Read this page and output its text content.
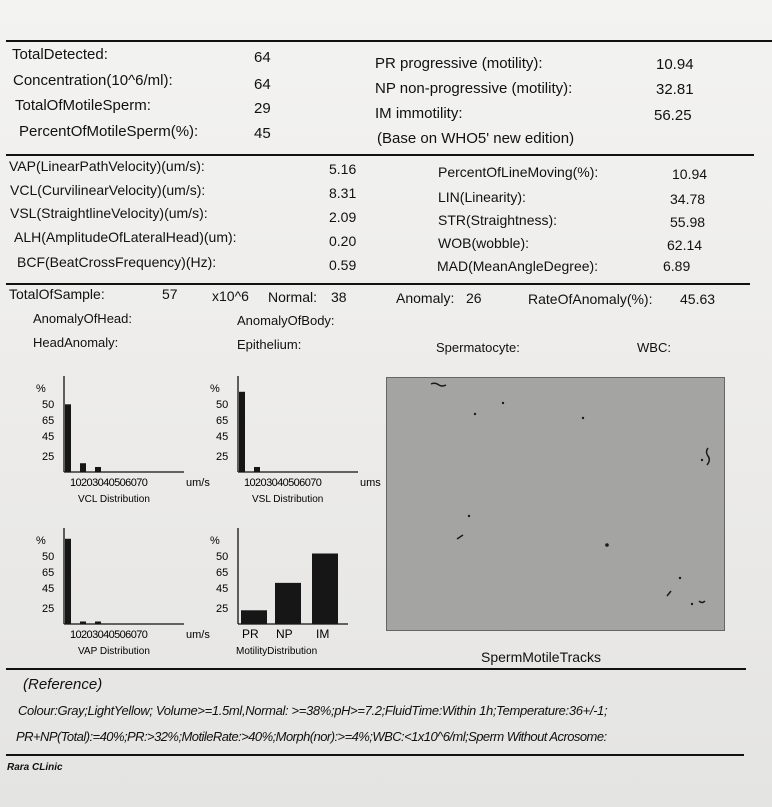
TotalDetected:	64
Concentration(10^6/ml):	64
TotalOfMotileSperm:	29
PercentOfMotileSperm(%):	45
PR progressive (motility):	10.94
NP non-progressive (motility):	32.81
IM immotility:	56.25
(Base on WHO5' new edition)
VAP(LinearPathVelocity)(um/s):	5.16
VCL(CurvilinearVelocity)(um/s):	8.31
VSL(StraightlineVelocity)(um/s):	2.09
ALH(AmplitudeOfLateralHead)(um):	0.20
BCF(BeatCrossFrequency)(Hz):	0.59
PercentOfLineMoving(%):	10.94
LIN(Linearity):	34.78
STR(Straightness):	55.98
WOB(wobble):	62.14
MAD(MeanAngleDegree):	6.89
TotalOfSample:	57 x10^6 Normal: 38	Anomaly: 26	RateOfAnomaly(%): 45.63
AnomalyOfHead:	AnomalyOfBody:
HeadAnomaly:	Epithelium:	Spermatocyte:	WBC:
%
50
65
45
25
10203040506070	um/s
VCL Distribution
%
50
65
45
25
10203040506070	ums
VSL Distribution
%
50
65
45
25
10203040506070	um/s
VAP Distribution
%
50
65
45
25
PR NP IM
MotilityDistribution	SpermMotileTracks
(Reference)
Colour:Gray;LightYellow; Volume>=1.5ml,Normal: >=38%;pH>=7.2;FluidTime:Within 1h;Temperature:36+/-1;
PR+NP(Total):=40%;PR:>32%;MotileRate:>40%;Morph(nor):>=4%;WBC:<1x10^6/ml;Sperm Without Acrosome:
Rara CLinic
